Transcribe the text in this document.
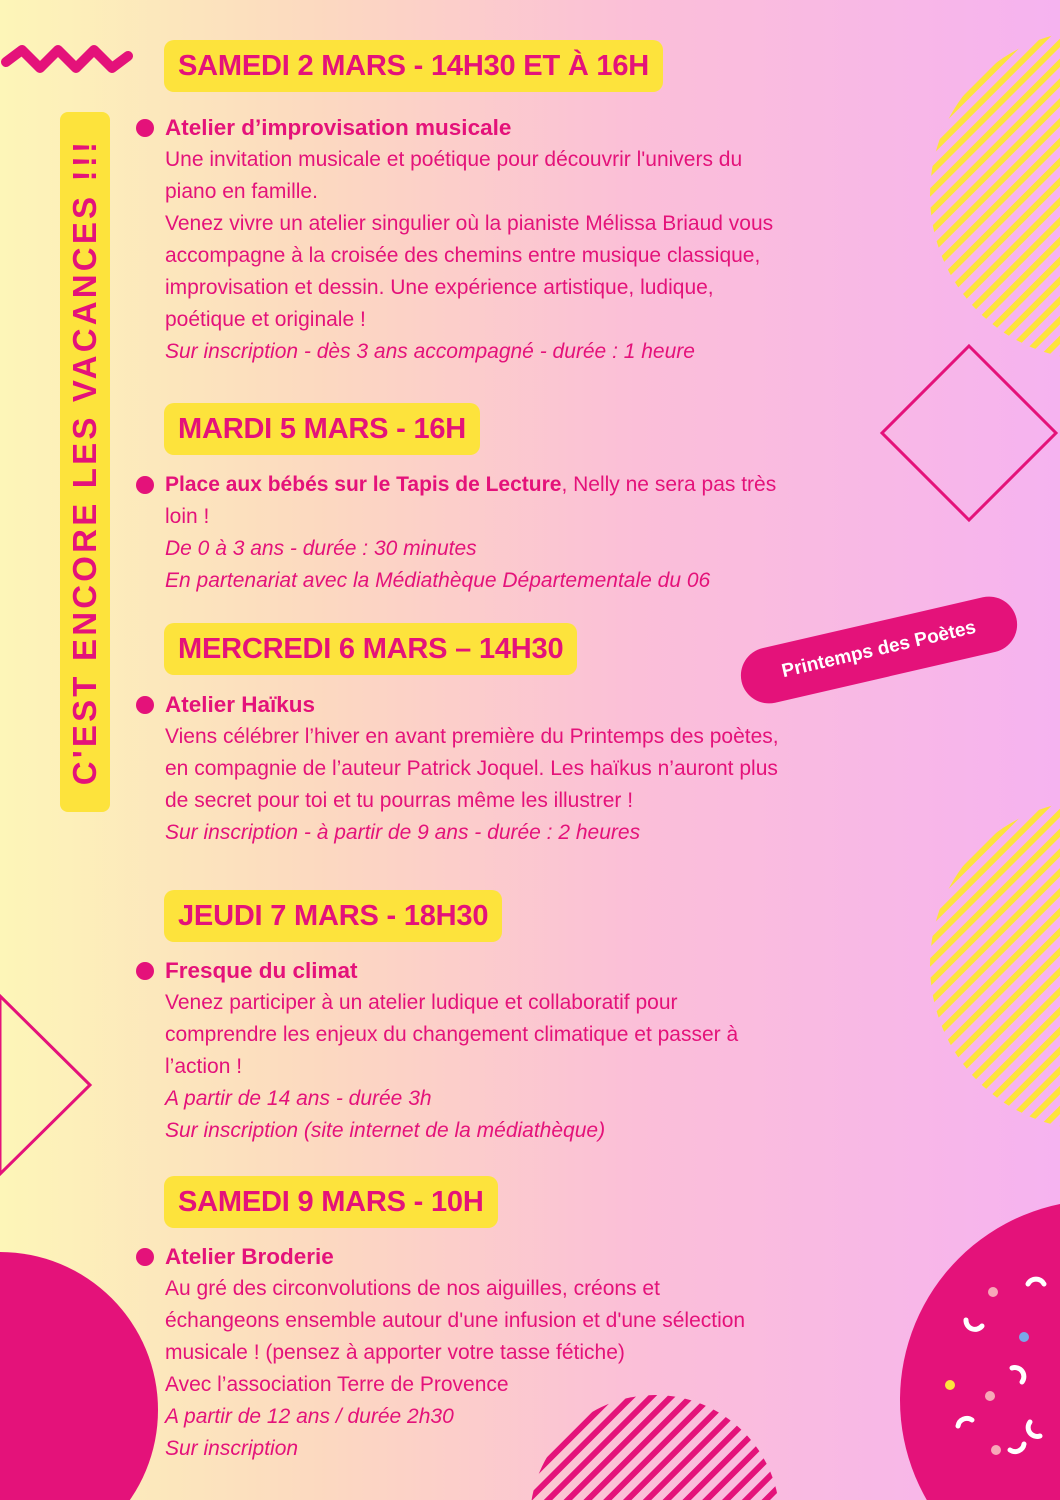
C'EST ENCORE LES VACANCES !!!	Printemps des Poètes
SAMEDI 2 MARS - 14H30 ET À 16H
Atelier d’improvisation musicale
Une invitation musicale et poétique pour découvrir l'univers du
piano en famille.
Venez vivre un atelier singulier où la pianiste Mélissa Briaud vous
accompagne à la croisée des chemins entre musique classique,
improvisation et dessin. Une expérience artistique, ludique,
poétique et originale !
Sur inscription - dès 3 ans accompagné - durée : 1 heure
MARDI 5 MARS - 16H
Place aux bébés sur le Tapis de Lecture, Nelly ne sera pas très
loin !
De 0 à 3 ans - durée : 30 minutes
En partenariat avec la Médiathèque Départementale du 06
MERCREDI 6 MARS – 14H30
Atelier Haïkus
Viens célébrer l’hiver en avant première du Printemps des poètes,
en compagnie de l’auteur Patrick Joquel. Les haïkus n’auront plus
de secret pour toi et tu pourras même les illustrer !
Sur inscription - à partir de 9 ans - durée : 2 heures
JEUDI 7 MARS - 18H30
Fresque du climat
Venez participer à un atelier ludique et collaboratif pour
comprendre les enjeux du changement climatique et passer à
l’action !
A partir de 14 ans - durée 3h
Sur inscription (site internet de la médiathèque)
SAMEDI 9 MARS - 10H
Atelier Broderie
Au gré des circonvolutions de nos aiguilles, créons et
échangeons ensemble autour d'une infusion et d'une sélection
musicale ! (pensez à apporter votre tasse fétiche)
Avec l’association Terre de Provence
A partir de 12 ans / durée 2h30
Sur inscription
